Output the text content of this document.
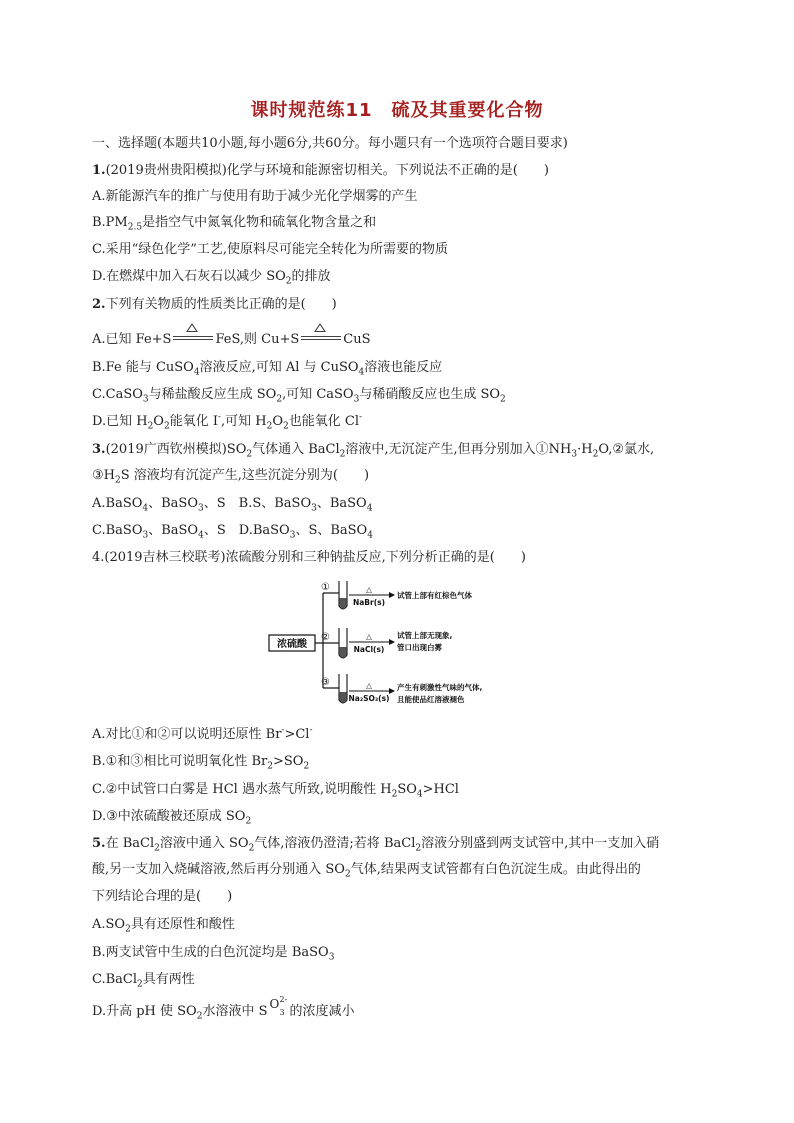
课时规范练11　硫及其重要化合物
一、选择题(本题共10小题,每小题6分,共60分。每小题只有一个选项符合题目要求)
1.(2019贵州贵阳模拟)化学与环境和能源密切相关。下列说法不正确的是(　　)
A.新能源汽车的推广与使用有助于减少光化学烟雾的产生
$B.PM_{2.5}$是指空气中氮氧化物和硫氧化物含量之和
C.采用“绿色化学”工艺,使原料尽可能完全转化为所需要的物质
D.在燃煤中加入石灰石以减少 $SO_2$的排放
2.下列有关物质的性质类比正确的是(　　)
A.已知 Fe+S	FeS,则 Cu+S	CuS
B.Fe 能与 CuSO$_4$溶液反应,可知 Al 与 CuSO$_4$溶液也能反应
C.CaSO$_3$与稀盐酸反应生成 $SO_2$,可知 CaSO$_3$与稀硝酸反应也生成 $SO_2$
D.已知 $H_2O_2$能氧化 I-,可知 $H_2O_2$也能氧化 Cl-
3.(2019广西钦州模拟)$SO_2$气体通入 BaCl$_2$溶液中,无沉淀产生,但再分别加入$①NH_3\cdot H_2O,②$氯水,
$③H_2S$ 溶液均有沉淀产生,这些沉淀分别为(　　)
A.BaSO$_4$、BaSO$_3$、S　B.S、BaSO$_3$、BaSO$_4$
C.BaSO$_3$、BaSO$_4$、S　D.BaSO$_3$、S、BaSO$_4$
4.(2019吉林三校联考)浓硫酸分别和三种钠盐反应,下列分析正确的是(　　)
浓硫酸
①
②
③
△
△
△
NaBr(s)
NaCl(s)
Na₂SO₃(s)
试管上部有红棕色气体
试管上部无现象,
管口出现白雾
产生有刺激性气味的气体,
且能使品红溶液褪色
A.对比①和②可以说明还原性 Br->Cl-
B.①和③相比可说明氧化性 $Br_2>SO_2$
C.②中试管口白雾是 HCl 遇水蒸气所致,说明酸性 $H_2SO_4>HCl$
D.③中浓硫酸被还原成 $SO_2$
5.在 BaCl$_2$溶液中通入 $SO_2$气体,溶液仍澄清;若将 BaCl$_2$溶液分别盛到两支试管中,其中一支加入硝
酸,另一支加入烧碱溶液,然后再分别通入 $SO_2$气体,结果两支试管都有白色沉淀生成。由此得出的
下列结论合理的是(　　)
$A.SO_2$具有还原性和酸性
B.两支试管中生成的白色沉淀均是 BaSO$_3$
C.BaCl$_2$具有两性
D.升高 pH 使 $SO_2$水溶液中 S O 2-
3 的浓度减小
